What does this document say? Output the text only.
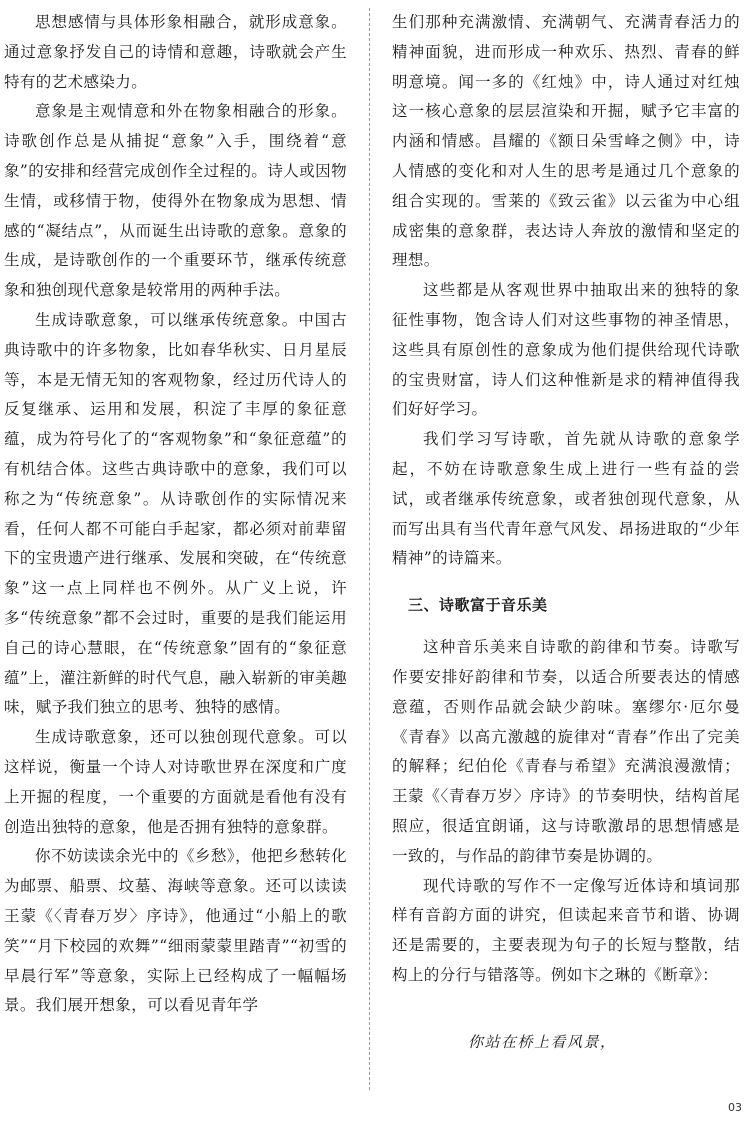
思想感情与具体形象相融合，就形成意象。通过意象抒发自己的诗情和意趣，诗歌就会产生特有的艺术感染力。

意象是主观情意和外在物象相融合的形象。诗歌创作总是从捕捉“意象”入手，围绕着“意象”的安排和经营完成创作全过程的。诗人或因物生情，或移情于物，使得外在物象成为思想、情感的“凝结点”，从而诞生出诗歌的意象。意象的生成，是诗歌创作的一个重要环节，继承传统意象和独创现代意象是较常用的两种手法。

生成诗歌意象，可以继承传统意象。中国古典诗歌中的许多物象，比如春华秋实、日月星辰等，本是无情无知的客观物象，经过历代诗人的反复继承、运用和发展，积淀了丰厚的象征意蕴，成为符号化了的“客观物象”和“象征意蕴”的有机结合体。这些古典诗歌中的意象，我们可以称之为“传统意象”。从诗歌创作的实际情况来看，任何人都不可能白手起家，都必须对前辈留下的宝贵遗产进行继承、发展和突破，在“传统意象”这一点上同样也不例外。从广义上说，许多“传统意象”都不会过时，重要的是我们能运用自己的诗心慧眼，在“传统意象”固有的“象征意蕴”上，灌注新鲜的时代气息，融入崭新的审美趣味，赋予我们独立的思考、独特的感情。

生成诗歌意象，还可以独创现代意象。可以这样说，衡量一个诗人对诗歌世界在深度和广度上开掘的程度，一个重要的方面就是看他有没有创造出独特的意象，他是否拥有独特的意象群。

你不妨读读余光中的《乡愁》，他把乡愁转化为邮票、船票、坟墓、海峡等意象。还可以读读王蒙《〈青春万岁〉序诗》，他通过“小船上的歌笑”“月下校园的欢舞”“细雨蒙蒙里踏青”“初雪的早晨行军”等意象，实际上已经构成了一幅幅场景。我们展开想象，可以看见青年学

生们那种充满激情、充满朝气、充满青春活力的精神面貌，进而形成一种欢乐、热烈、青春的鲜明意境。闻一多的《红烛》中，诗人通过对红烛这一核心意象的层层渲染和开掘，赋予它丰富的内涵和情感。昌耀的《额日朵雪峰之侧》中，诗人情感的变化和对人生的思考是通过几个意象的组合实现的。雪莱的《致云雀》以云雀为中心组成密集的意象群，表达诗人奔放的激情和坚定的理想。

这些都是从客观世界中抽取出来的独特的象征性事物，饱含诗人们对这些事物的神圣情思，这些具有原创性的意象成为他们提供给现代诗歌的宝贵财富，诗人们这种惟新是求的精神值得我们好好学习。

我们学习写诗歌，首先就从诗歌的意象学起，不妨在诗歌意象生成上进行一些有益的尝试，或者继承传统意象，或者独创现代意象，从而写出具有当代青年意气风发、昂扬进取的“少年精神”的诗篇来。

三、诗歌富于音乐美

这种音乐美来自诗歌的韵律和节奏。诗歌写作要安排好韵律和节奏，以适合所要表达的情感意蕴，否则作品就会缺少韵味。塞缪尔·厄尔曼《青春》以高亢激越的旋律对“青春”作出了完美的解释；纪伯伦《青春与希望》充满浪漫激情；王蒙《〈青春万岁〉序诗》的节奏明快，结构首尾照应，很适宜朗诵，这与诗歌激昂的思想情感是一致的，与作品的韵律节奏是协调的。

现代诗歌的写作不一定像写近体诗和填词那样有音韵方面的讲究，但读起来音节和谐、协调还是需要的，主要表现为句子的长短与整散，结构上的分行与错落等。例如卞之琳的《断章》：

你站在桥上看风景，
03
